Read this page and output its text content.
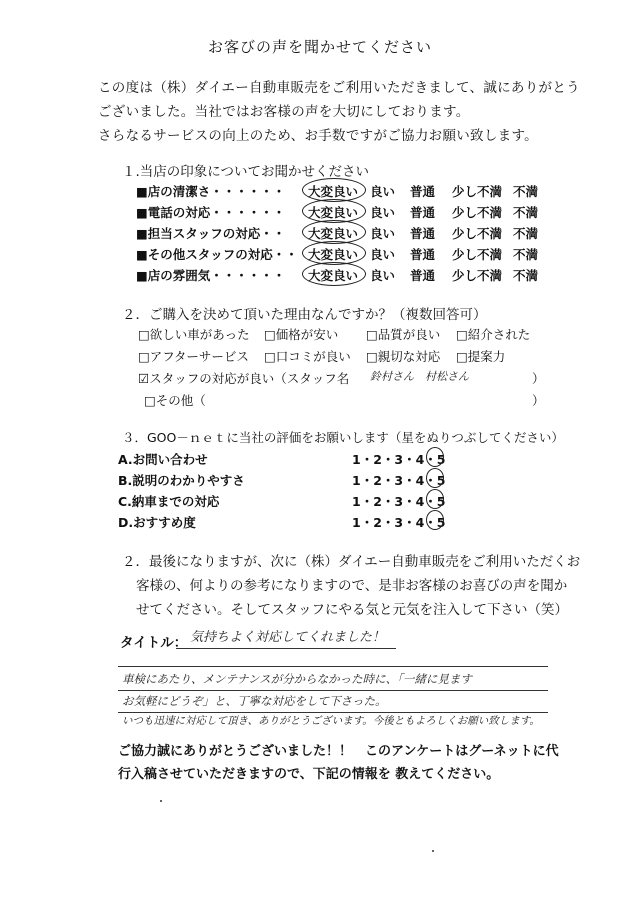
お客びの声を聞かせてください
この度は（株）ダイエー自動車販売をご利用いただきまして、誠にありがとう
ございました。当社ではお客様の声を大切にしております。
さらなるサービスの向上のため、お手数ですがご協力お願い致します。
１.当店の印象についてお聞かせください
■店の清潔さ・・・・・・ 大変良い 良い 普通 少し不満 不満
■電話の対応・・・・・・ 大変良い 良い 普通 少し不満 不満
■担当スタッフの対応・・ 大変良い 良い 普通 少し不満 不満
■その他スタッフの対応・・ 大変良い 良い 普通 少し不満 不満
■店の雰囲気・・・・・・ 大変良い 良い 普通 少し不満 不満
２．ご購入を決めて頂いた理由なんですか？（複数回答可）
□欲しい車があった □価格が安い □品質が良い □紹介された
□アフターサービス □口コミが良い □親切な対応 □提案力
☑スタッフの対応が良い（スタッフ名 鈴村さん　村松さん	）
□その他（	）
３．GOO－ｎｅｔに当社の評価をお願いします（星をぬりつぶしてください）
A.お問い合わせ	1・2・3・4・5
B.説明のわかりやすさ	1・2・3・4・5
C.納車までの対応	1・2・3・4・5
D.おすすめ度	1・2・3・4・5
２．最後になりますが、次に（株）ダイエー自動車販売をご利用いただくお
客様の、何よりの参考になりますので、是非お客様のお喜びの声を聞か
せてください。そしてスタッフにやる気と元気を注入して下さい（笑）
タイトル： 気持ちよく対応してくれました！
車検にあたり、メンテナンスが分からなかった時に、「一緒に見ます
お気軽にどうぞ」と、丁寧な対応をして下さった。
いつも迅速に対応して頂き、ありがとうございます。今後ともよろしくお願い致します。
ご協力誠にありがとうございました！！　このアンケートはグーネットに代
行入稿させていただきますので、下記の情報を 教えてください。
